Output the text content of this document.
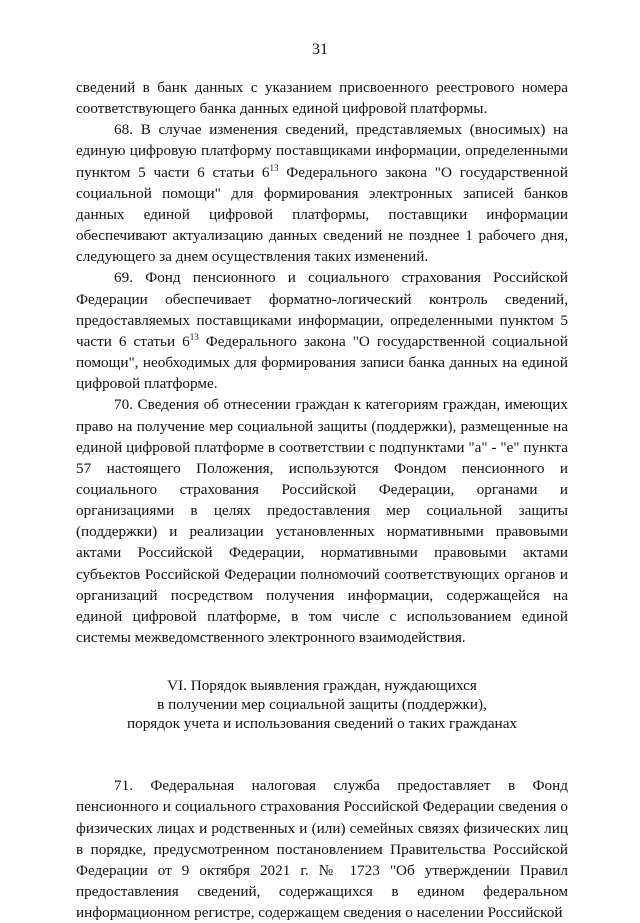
31

сведений в банк данных с указанием присвоенного реестрового номера соответствующего банка данных единой цифровой платформы.

68. В случае изменения сведений, представляемых (вносимых) на единую цифровую платформу поставщиками информации, определенными пунктом 5 части 6 статьи $6^{13}$ Федерального закона "О государственной социальной помощи" для формирования электронных записей банков данных единой цифровой платформы, поставщики информации обеспечивают актуализацию данных сведений не позднее 1 рабочего дня, следующего за днем осуществления таких изменений.

69. Фонд пенсионного и социального страхования Российской Федерации обеспечивает форматно-логический контроль сведений, предоставляемых поставщиками информации, определенными пунктом 5 части 6 статьи $6^{13}$ Федерального закона "О государственной социальной помощи", необходимых для формирования записи банка данных на единой цифровой платформе.

70. Сведения об отнесении граждан к категориям граждан, имеющих право на получение мер социальной защиты (поддержки), размещенные на единой цифровой платформе в соответствии с подпунктами "а" - "е" пункта 57 настоящего Положения, используются Фондом пенсионного и социального страхования Российской Федерации, органами и организациями в целях предоставления мер социальной защиты (поддержки) и реализации установленных нормативными правовыми актами Российской Федерации, нормативными правовыми актами субъектов Российской Федерации полномочий соответствующих органов и организаций посредством получения информации, содержащейся на единой цифровой платформе, в том числе с использованием единой системы межведомственного электронного взаимодействия.

VI. Порядок выявления граждан, нуждающихся
в получении мер социальной защиты (поддержки),
порядок учета и использования сведений о таких гражданах

71. Федеральная налоговая служба предоставляет в Фонд пенсионного и социального страхования Российской Федерации сведения о физических лицах и родственных и (или) семейных связях физических лиц в порядке, предусмотренном постановлением Правительства Российской Федерации от 9 октября 2021 г. № 1723 "Об утверждении Правил предоставления сведений, содержащихся в едином федеральном информационном регистре, содержащем сведения о населении Российской
